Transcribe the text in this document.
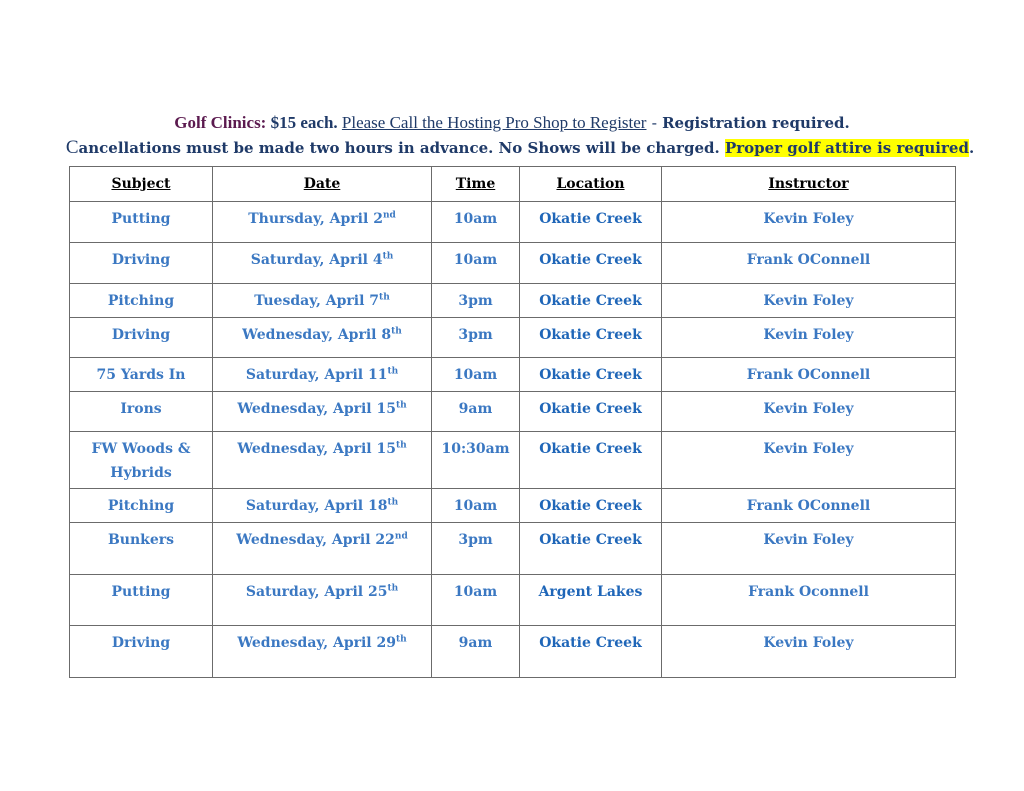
Golf Clinics: $15 each. Please Call the Hosting Pro Shop to Register - Registration required.
Cancellations must be made two hours in advance. No Shows will be charged. Proper golf attire is required.
Subject	Date	Time	Location	Instructor
Putting	Thursday, April 2nd	10am	Okatie Creek	Kevin Foley
Driving	Saturday, April 4th	10am	Okatie Creek	Frank OConnell
Pitching	Tuesday, April 7th	3pm	Okatie Creek	Kevin Foley
Driving	Wednesday, April 8th	3pm	Okatie Creek	Kevin Foley
75 Yards In	Saturday, April 11th	10am	Okatie Creek	Frank OConnell
Irons	Wednesday, April 15th	9am	Okatie Creek	Kevin Foley
FW Woods & Hybrids	Wednesday, April 15th	10:30am	Okatie Creek	Kevin Foley
Pitching	Saturday, April 18th	10am	Okatie Creek	Frank OConnell
Bunkers	Wednesday, April 22nd	3pm	Okatie Creek	Kevin Foley
Putting	Saturday, April 25th	10am	Argent Lakes	Frank Oconnell
Driving	Wednesday, April 29th	9am	Okatie Creek	Kevin Foley
